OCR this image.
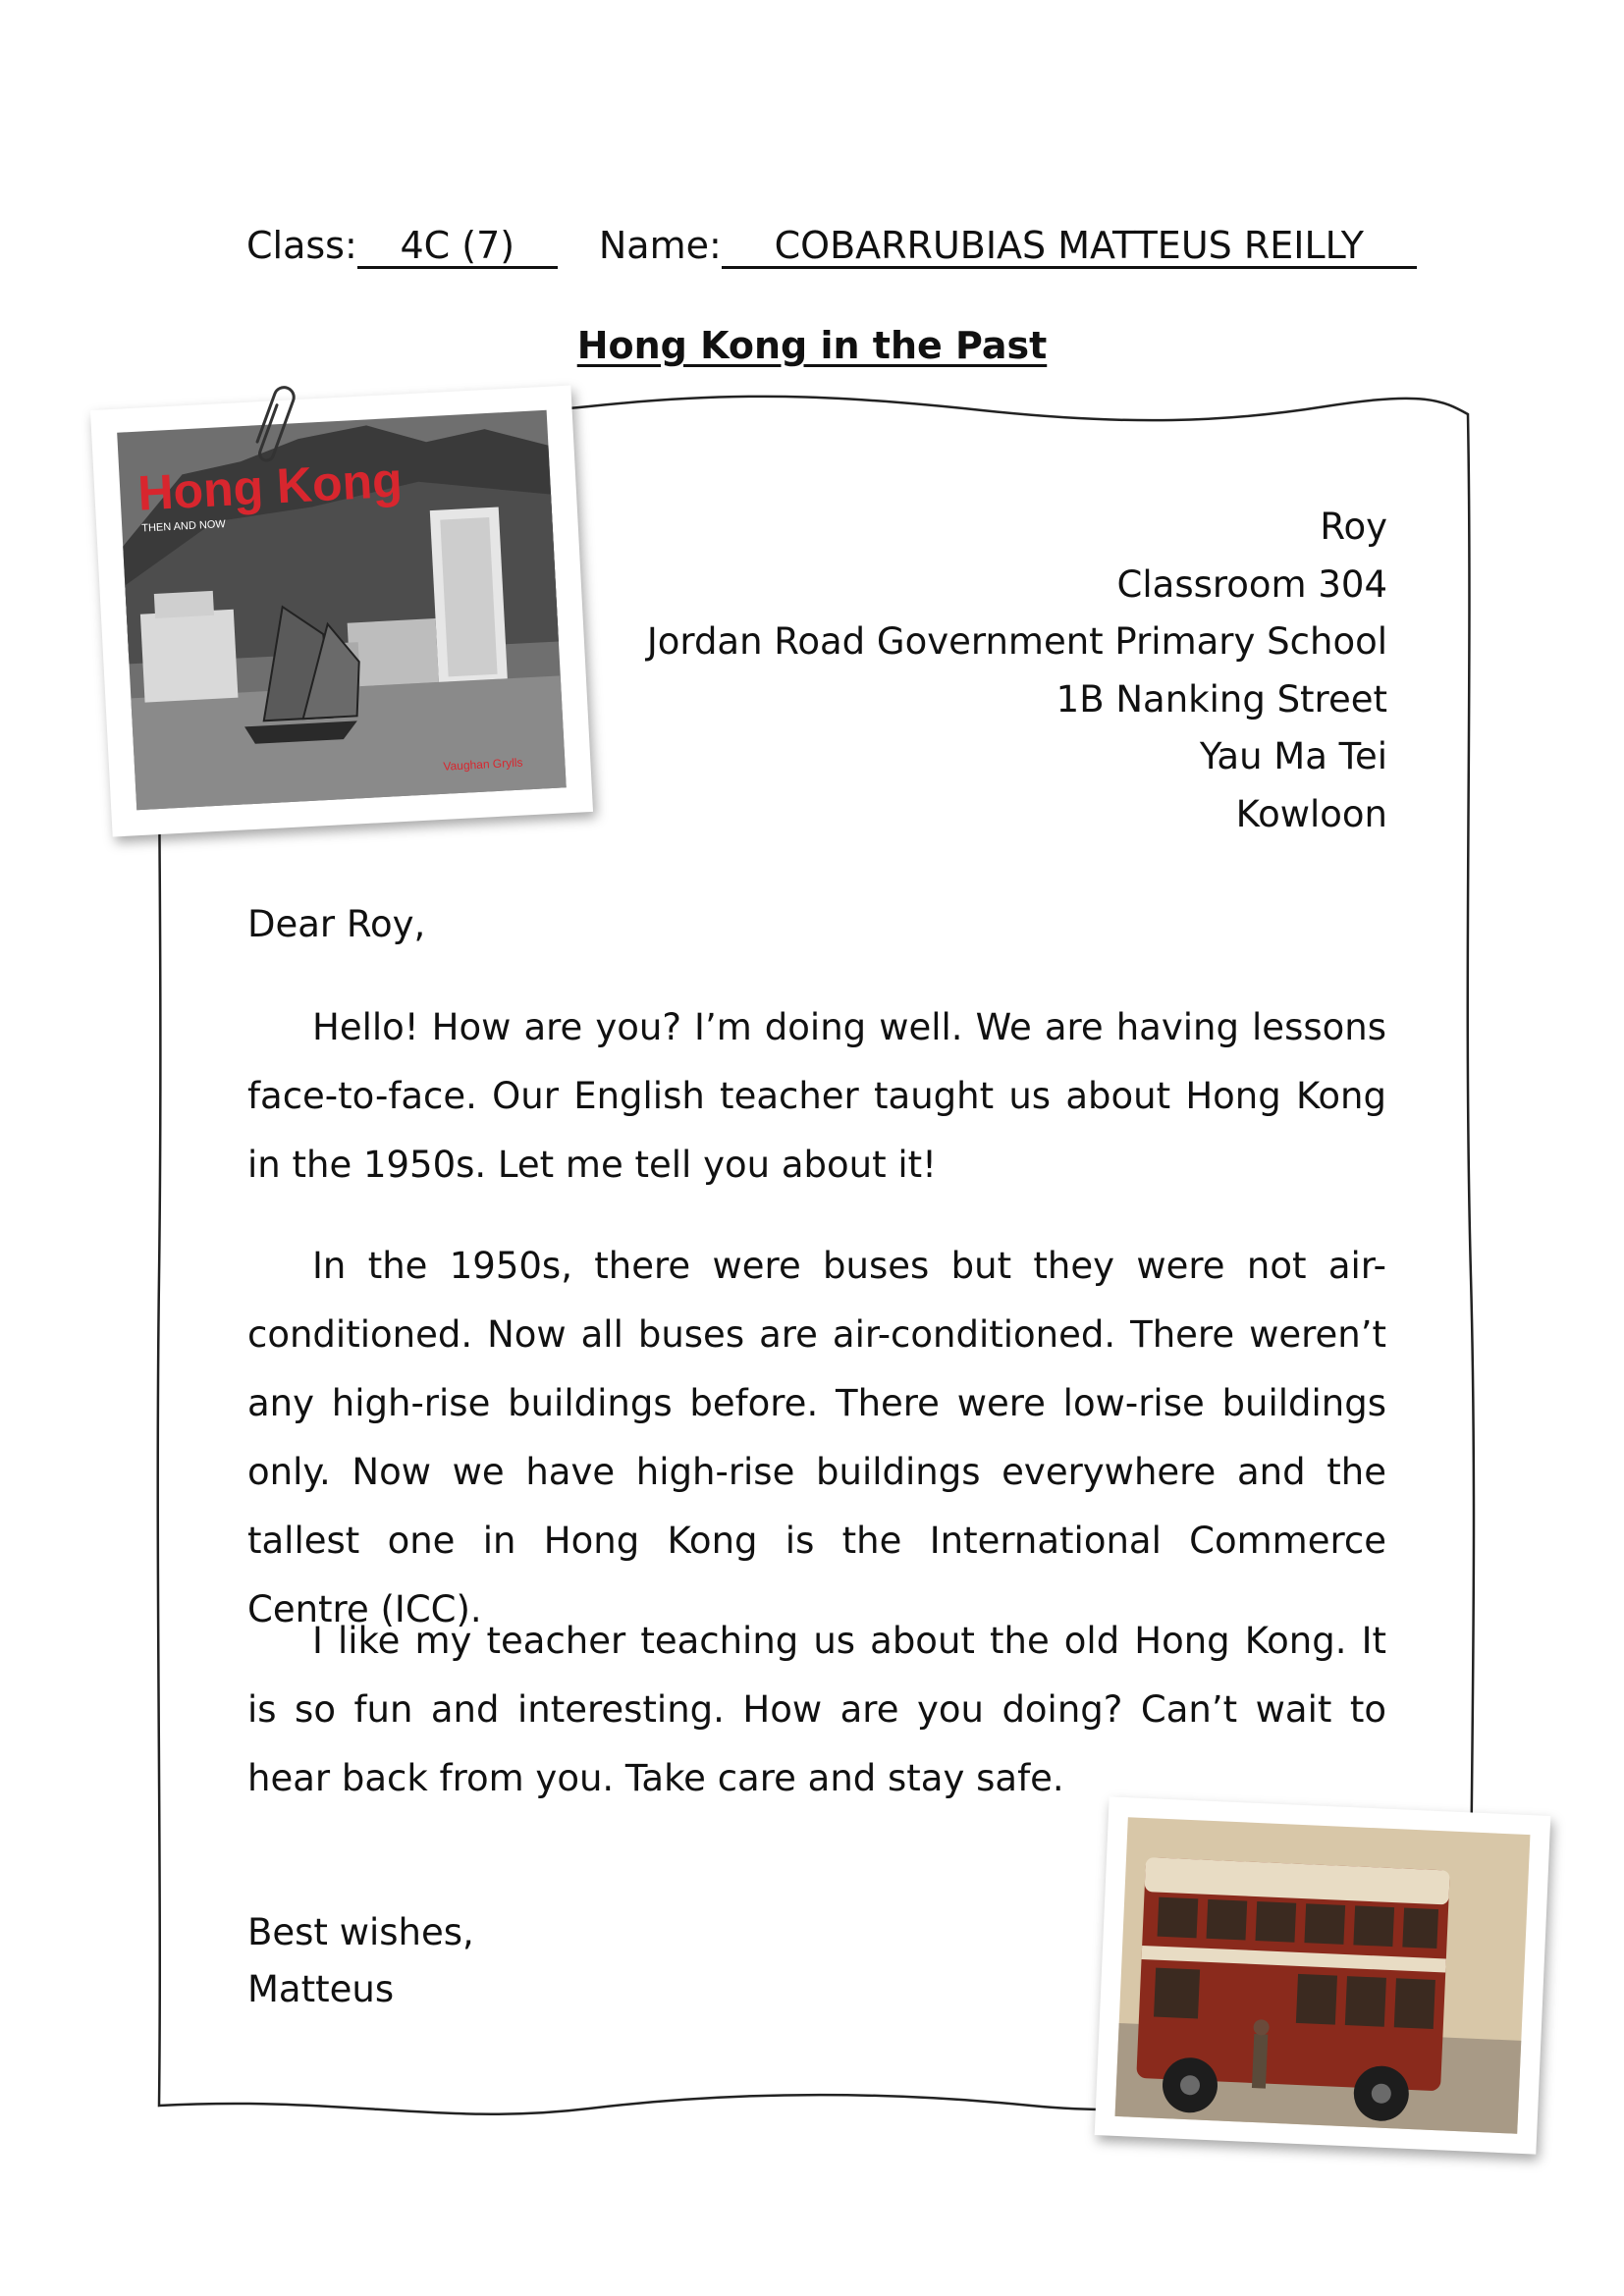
Class: 4C (7) Name: COBARRUBIAS MATTEUS REILLY
Hong Kong in the Past
Roy
Classroom 304
Jordan Road Government Primary School
1B Nanking Street
Yau Ma Tei
Kowloon
Dear Roy,

Hello! How are you? I’m doing well. We are having lessons face-to-face. Our English teacher taught us about Hong Kong in the 1950s. Let me tell you about it!

In the 1950s, there were buses but they were not air-conditioned. Now all buses are air-conditioned. There weren’t any high-rise buildings before. There were low-rise buildings only. Now we have high-rise buildings everywhere and the tallest one in Hong Kong is the International Commerce Centre (ICC).

I like my teacher teaching us about the old Hong Kong. It is so fun and interesting. How are you doing? Can’t wait to hear back from you. Take care and stay safe.

Best wishes,
Matteus
Hong Kong
THEN AND NOW
Vaughan Grylls
